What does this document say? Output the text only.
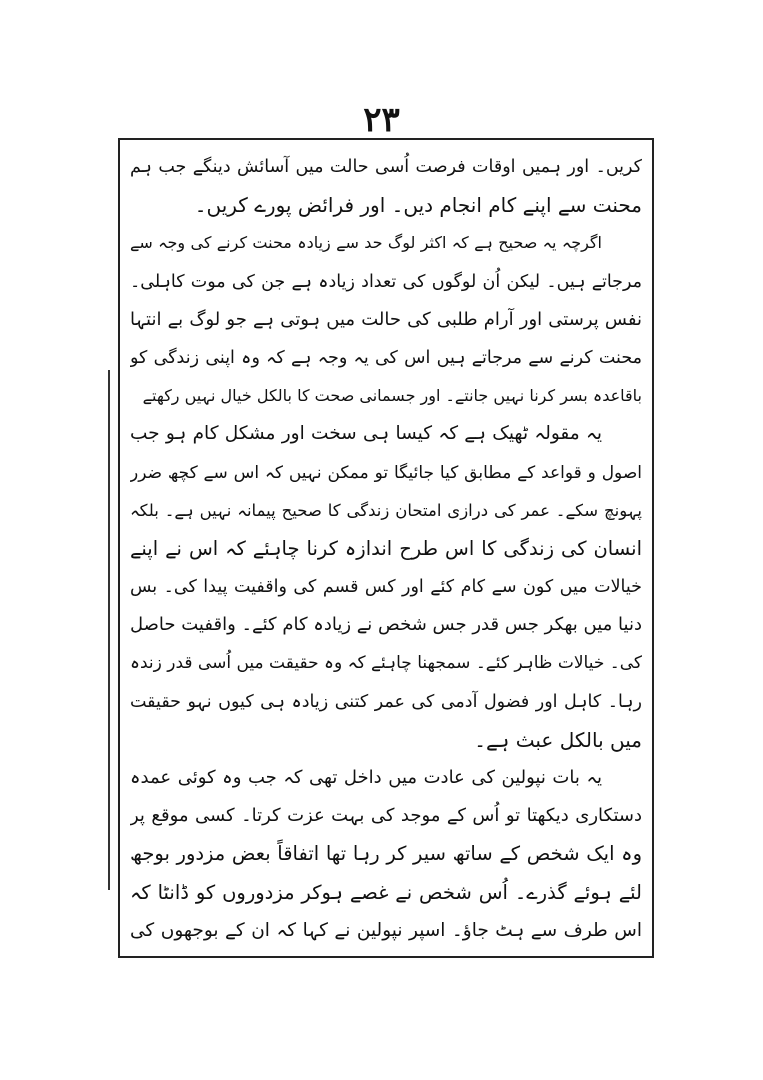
۲۳
کریں۔ اور ہمیں اوقات فرصت اُسی حالت میں آسائش دینگے جب ہم
محنت سے اپنے کام انجام دیں۔ اور فرائض پورے کریں۔
اگرچہ یہ صحیح ہے کہ اکثر لوگ حد سے زیادہ محنت کرنے کی وجہ سے
مرجاتے ہیں۔ لیکن اُن لوگوں کی تعداد زیادہ ہے جن کی موت کاہلی۔
نفس پرستی اور آرام طلبی کی حالت میں ہوتی ہے جو لوگ بے انتہا
محنت کرنے سے مرجاتے ہیں اس کی یہ وجہ ہے کہ وہ اپنی زندگی کو
باقاعدہ بسر کرنا نہیں جانتے۔ اور جسمانی صحت کا بالکل خیال نہیں رکھتے
یہ مقولہ ٹھیک ہے کہ کیسا ہی سخت اور مشکل کام ہو جب
اصول و قواعد کے مطابق کیا جائیگا تو ممکن نہیں کہ اس سے کچھ ضرر
پہونچ سکے۔ عمر کی درازی امتحان زندگی کا صحیح پیمانہ نہیں ہے۔ بلکہ
انسان کی زندگی کا اس طرح اندازہ کرنا چاہئے کہ اس نے اپنے
خیالات میں کون سے کام کئے اور کس قسم کی واقفیت پیدا کی۔ بس
دنیا میں بھکر جس قدر جس شخص نے زیادہ کام کئے۔ واقفیت حاصل
کی۔ خیالات ظاہر کئے۔ سمجھنا چاہئے کہ وہ حقیقت میں اُسی قدر زندہ
رہا۔ کاہل اور فضول آدمی کی عمر کتنی زیادہ ہی کیوں نہو حقیقت
میں بالکل عبث ہے۔
یہ بات نپولین کی عادت میں داخل تھی کہ جب وہ کوئی عمدہ
دستکاری دیکھتا تو اُس کے موجد کی بہت عزت کرتا۔ کسی موقع پر
وہ ایک شخص کے ساتھ سیر کر رہا تھا اتفاقاً بعض مزدور بوجھ
لئے ہوئے گذرے۔ اُس شخص نے غصے ہوکر مزدوروں کو ڈانٹا کہ
اس طرف سے ہٹ جاؤ۔ اسپر نپولین نے کہا کہ ان کے بوجھوں کی
